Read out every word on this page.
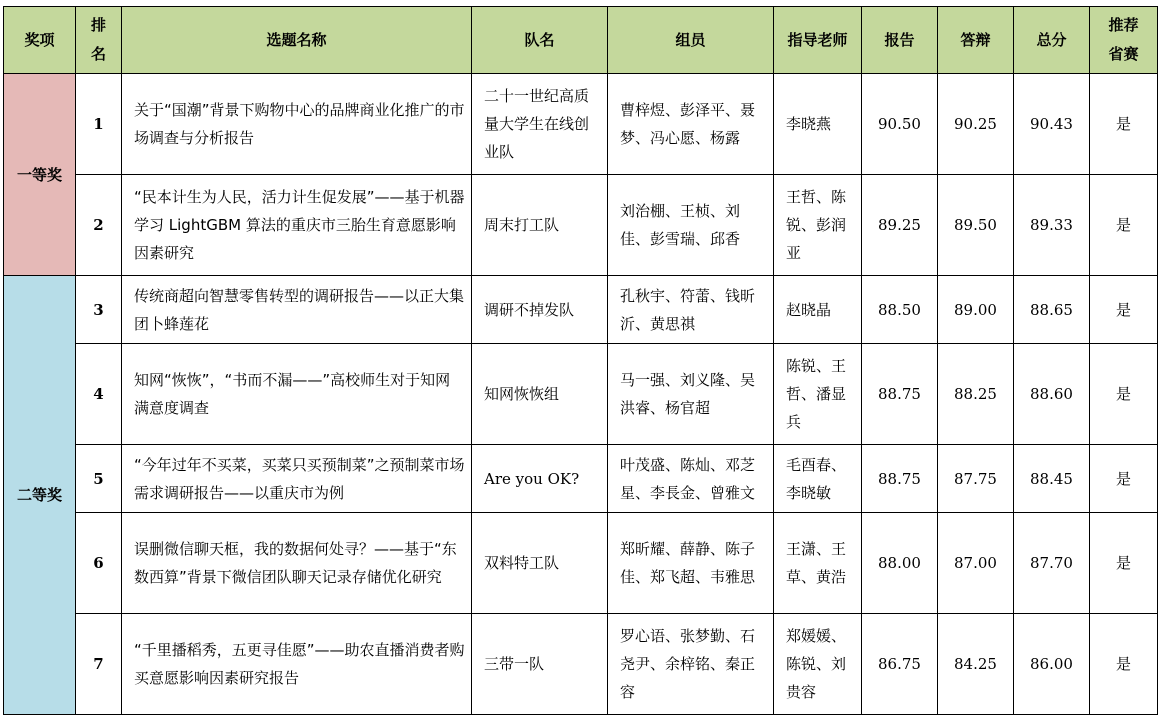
奖项	排名	选题名称	队名	组员	指导老师	报告	答辩	总分	推荐省赛
一等奖	1	关于“国潮”背景下购物中心的品牌商业化推广的市场调查与分析报告	二十一世纪高质量大学生在线创业队	曹梓煜、彭泽平、聂梦、冯心愿、杨露	李晓燕	90.50	90.25	90.43	是
	2	“民本计生为人民，活力计生促发展”——基于机器学习 LightGBM 算法的重庆市三胎生育意愿影响因素研究	周末打工队	刘治棚、王桢、刘佳、彭雪瑞、邱香	王哲、陈锐、彭润亚	89.25	89.50	89.33	是
二等奖	3	传统商超向智慧零售转型的调研报告——以正大集团卜蜂莲花	调研不掉发队	孔秋宇、符蕾、钱昕沂、黄思祺	赵晓晶	88.50	89.00	88.65	是
	4	知网“恢恢”，“书而不漏——”高校师生对于知网满意度调查	知网恢恢组	马一强、刘义隆、吴洪睿、杨官超	陈锐、王哲、潘显兵	88.75	88.25	88.60	是
	5	“今年过年不买菜，买菜只买预制菜”之预制菜市场需求调研报告——以重庆市为例	Are you OK?	叶茂盛、陈灿、邓芝星、李長金、曾雅文	毛酉春、李晓敏	88.75	87.75	88.45	是
	6	误删微信聊天框，我的数据何处寻？——基于“东数西算”背景下微信团队聊天记录存储优化研究	双料特工队	郑昕耀、薛静、陈子佳、郑飞超、韦雅思	王潇、王草、黄浩	88.00	87.00	87.70	是
	7	“千里播稻秀，五更寻佳愿”——助农直播消费者购买意愿影响因素研究报告	三带一队	罗心语、张梦勤、石尧尹、余梓铭、秦正容	郑媛媛、陈锐、刘贵容	86.75	84.25	86.00	是
